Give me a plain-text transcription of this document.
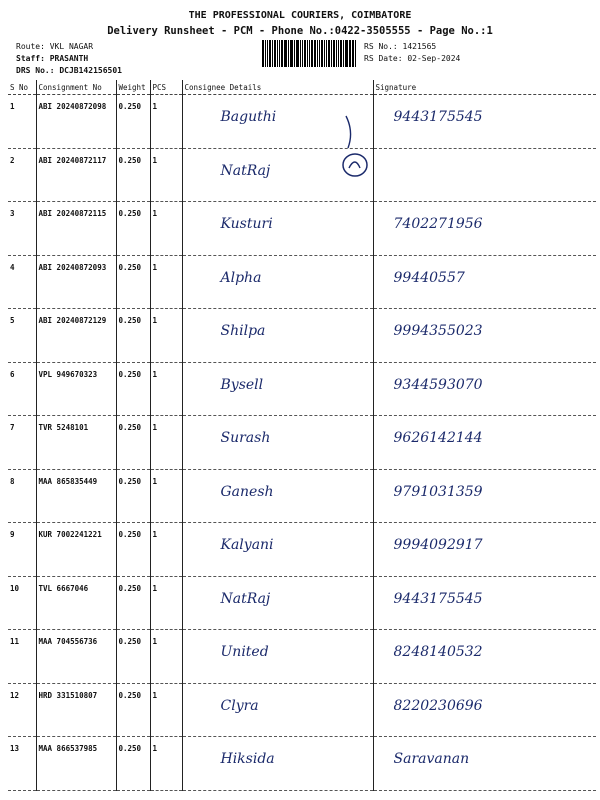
THE PROFESSIONAL COURIERS, COIMBATORE
Delivery Runsheet - PCM - Phone No.:0422-3505555 - Page No.:1
Route: VKL NAGAR
Staff: PRASANTH
DRS No.: DCJB142156501
RS No.: 1421565
RS Date: 02-Sep-2024
S No	Consignment No	Weight	PCS	Consignee Details	Signature
1	ABI 20240872098	0.250	1	Baguthi	9443175545
2	ABI 20240872117	0.250	1	NatRaj	
3	ABI 20240872115	0.250	1	Kusturi	7402271956
4	ABI 20240872093	0.250	1	Alpha	99440557
5	ABI 20240872129	0.250	1	Shilpa	9994355023
6	VPL 949670323	0.250	1	Bysell	9344593070
7	TVR 5248101	0.250	1	Surash	9626142144
8	MAA 865835449	0.250	1	Ganesh	9791031359
9	KUR 7002241221	0.250	1	Kalyani	9994092917
10	TVL 6667046	0.250	1	NatRaj	9443175545
11	MAA 704556736	0.250	1	United	8248140532
12	HRD 331510807	0.250	1	Clyra	8220230696
13	MAA 866537985	0.250	1	Hiksida	Saravanan
